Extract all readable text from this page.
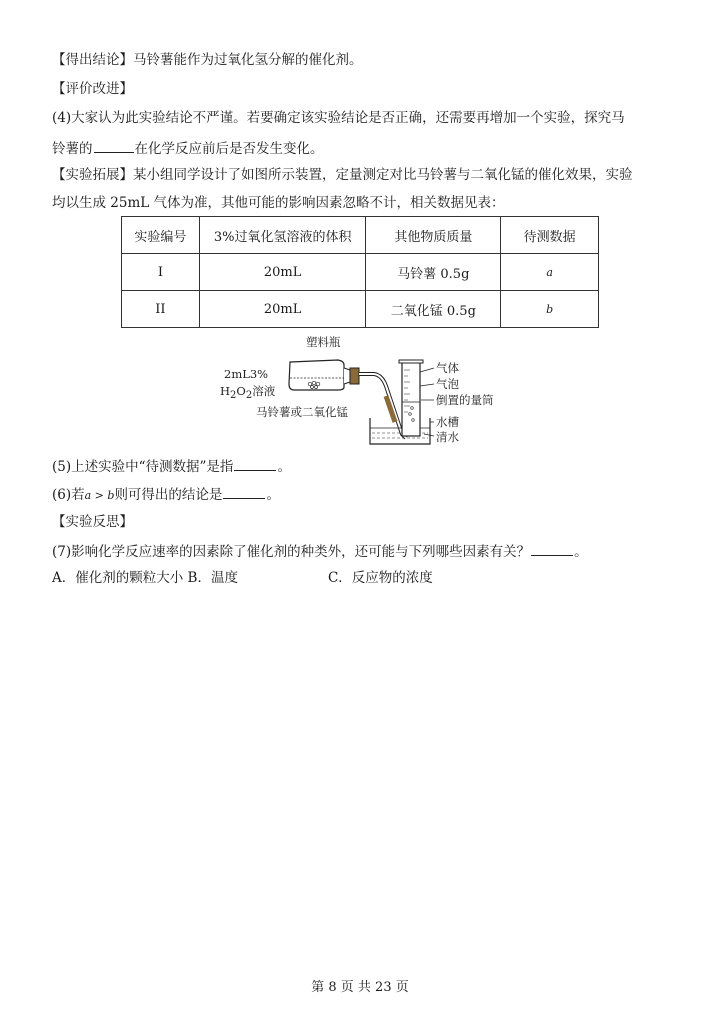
【得出结论】马铃薯能作为过氧化氢分解的催化剂。
【评价改进】
(4)大家认为此实验结论不严谨。若要确定该实验结论是否正确，还需要再增加一个实验，探究马
铃薯的	在化学反应前后是否发生变化。
【实验拓展】某小组同学设计了如图所示装置，定量测定对比马铃薯与二氧化锰的催化效果，实验
均以生成 25mL 气体为准，其他可能的影响因素忽略不计，相关数据见表：
实验编号	3%过氧化氢溶液的体积	其他物质质量	待测数据
I	20mL	马铃薯 0.5g	a
II	20mL	二氧化锰 0.5g	b
塑料瓶
2mL3%
H2O2溶液
马铃薯或二氧化锰
气体
气泡
倒置的量筒
水槽
清水
(5)上述实验中“待测数据”是指	。
(6)若a > b则可得出的结论是	。
【实验反思】
(7)影响化学反应速率的因素除了催化剂的种类外，还可能与下列哪些因素有关？	。
A．催化剂的颗粒大小 B．温度	C．反应物的浓度
第 8 页 共 23 页
